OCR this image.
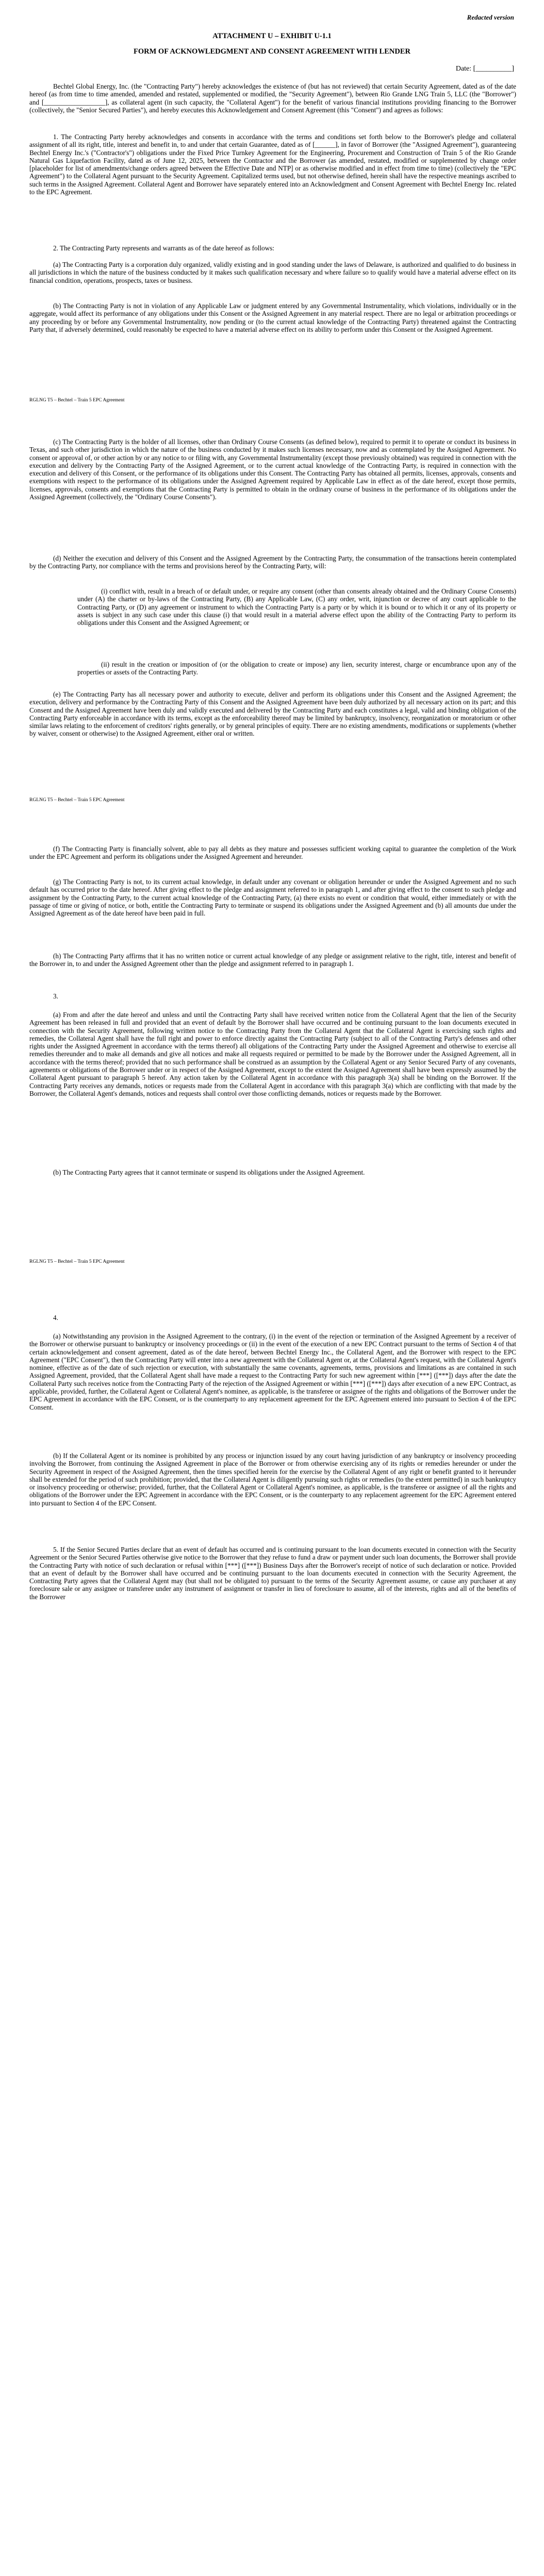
Redacted version
ATTACHMENT U – EXHIBIT U-1.1
FORM OF ACKNOWLEDGMENT AND CONSENT AGREEMENT WITH LENDER
Date: [__________]

Bechtel Global Energy, Inc. (the "Contracting Party") hereby acknowledges the existence of (but has not reviewed) that certain Security Agreement, dated as of the date hereof (as from time to time amended, amended and restated, supplemented or modified, the "Security Agreement"), between Rio Grande LNG Train 5, LLC (the "Borrower") and [__________________], as collateral agent (in such capacity, the "Collateral Agent") for the benefit of various financial institutions providing financing to the Borrower (collectively, the "Senior Secured Parties"), and hereby executes this Acknowledgement and Consent Agreement (this "Consent") and agrees as follows:

1. The Contracting Party hereby acknowledges and consents in accordance with the terms and conditions set forth below to the Borrower's pledge and collateral assignment of all its right, title, interest and benefit in, to and under that certain Guarantee, dated as of [______], in favor of Borrower (the "Assigned Agreement"), guaranteeing Bechtel Energy Inc.'s ("Contractor's") obligations under the Fixed Price Turnkey Agreement for the Engineering, Procurement and Construction of Train 5 of the Rio Grande Natural Gas Liquefaction Facility, dated as of June 12, 2025, between the Contractor and the Borrower (as amended, restated, modified or supplemented by change order [placeholder for list of amendments/change orders agreed between the Effective Date and NTP] or as otherwise modified and in effect from time to time) (collectively the "EPC Agreement") to the Collateral Agent pursuant to the Security Agreement. Capitalized terms used, but not otherwise defined, herein shall have the respective meanings ascribed to such terms in the Assigned Agreement. Collateral Agent and Borrower have separately entered into an Acknowledgment and Consent Agreement with Bechtel Energy Inc. related to the EPC Agreement.

2. The Contracting Party represents and warrants as of the date hereof as follows:

(a) The Contracting Party is a corporation duly organized, validly existing and in good standing under the laws of Delaware, is authorized and qualified to do business in all jurisdictions in which the nature of the business conducted by it makes such qualification necessary and where failure so to qualify would have a material adverse effect on its financial condition, operations, prospects, taxes or business.

(b) The Contracting Party is not in violation of any Applicable Law or judgment entered by any Governmental Instrumentality, which violations, individually or in the aggregate, would affect its performance of any obligations under this Consent or the Assigned Agreement in any material respect. There are no legal or arbitration proceedings or any proceeding by or before any Governmental Instrumentality, now pending or (to the current actual knowledge of the Contracting Party) threatened against the Contracting Party that, if adversely determined, could reasonably be expected to have a material adverse effect on its ability to perform under this Consent or the Assigned Agreement.

RGLNG T5 – Bechtel – Train 5 EPC Agreement

(c) The Contracting Party is the holder of all licenses, other than Ordinary Course Consents (as defined below), required to permit it to operate or conduct its business in Texas, and such other jurisdiction in which the nature of the business conducted by it makes such licenses necessary, now and as contemplated by the Assigned Agreement. No consent or approval of, or other action by or any notice to or filing with, any Governmental Instrumentality (except those previously obtained) was required in connection with the execution and delivery by the Contracting Party of the Assigned Agreement, or to the current actual knowledge of the Contracting Party, is required in connection with the execution and delivery of this Consent, or the performance of its obligations under this Consent. The Contracting Party has obtained all permits, licenses, approvals, consents and exemptions with respect to the performance of its obligations under the Assigned Agreement required by Applicable Law in effect as of the date hereof, except those permits, licenses, approvals, consents and exemptions that the Contracting Party is permitted to obtain in the ordinary course of business in the performance of its obligations under the Assigned Agreement (collectively, the "Ordinary Course Consents").

(d) Neither the execution and delivery of this Consent and the Assigned Agreement by the Contracting Party, the consummation of the transactions herein contemplated by the Contracting Party, nor compliance with the terms and provisions hereof by the Contracting Party, will:

(i) conflict with, result in a breach of or default under, or require any consent (other than consents already obtained and the Ordinary Course Consents) under (A) the charter or by-laws of the Contracting Party, (B) any Applicable Law, (C) any order, writ, injunction or decree of any court applicable to the Contracting Party, or (D) any agreement or instrument to which the Contracting Party is a party or by which it is bound or to which it or any of its property or assets is subject in any such case under this clause (i) that would result in a material adverse effect upon the ability of the Contracting Party to perform its obligations under this Consent and the Assigned Agreement; or

(ii) result in the creation or imposition of (or the obligation to create or impose) any lien, security interest, charge or encumbrance upon any of the properties or assets of the Contracting Party.

(e) The Contracting Party has all necessary power and authority to execute, deliver and perform its obligations under this Consent and the Assigned Agreement; the execution, delivery and performance by the Contracting Party of this Consent and the Assigned Agreement have been duly authorized by all necessary action on its part; and this Consent and the Assigned Agreement have been duly and validly executed and delivered by the Contracting Party and each constitutes a legal, valid and binding obligation of the Contracting Party enforceable in accordance with its terms, except as the enforceability thereof may be limited by bankruptcy, insolvency, reorganization or moratorium or other similar laws relating to the enforcement of creditors' rights generally, or by general principles of equity. There are no existing amendments, modifications or supplements (whether by waiver, consent or otherwise) to the Assigned Agreement, either oral or written.

RGLNG T5 – Bechtel – Train 5 EPC Agreement

(f) The Contracting Party is financially solvent, able to pay all debts as they mature and possesses sufficient working capital to guarantee the completion of the Work under the EPC Agreement and perform its obligations under the Assigned Agreement and hereunder.

(g) The Contracting Party is not, to its current actual knowledge, in default under any covenant or obligation hereunder or under the Assigned Agreement and no such default has occurred prior to the date hereof. After giving effect to the pledge and assignment referred to in paragraph 1, and after giving effect to the consent to such pledge and assignment by the Contracting Party, to the current actual knowledge of the Contracting Party, (a) there exists no event or condition that would, either immediately or with the passage of time or giving of notice, or both, entitle the Contracting Party to terminate or suspend its obligations under the Assigned Agreement and (b) all amounts due under the Assigned Agreement as of the date hereof have been paid in full.

(h) The Contracting Party affirms that it has no written notice or current actual knowledge of any pledge or assignment relative to the right, title, interest and benefit of the Borrower in, to and under the Assigned Agreement other than the pledge and assignment referred to in paragraph 1.

3.

(a) From and after the date hereof and unless and until the Contracting Party shall have received written notice from the Collateral Agent that the lien of the Security Agreement has been released in full and provided that an event of default by the Borrower shall have occurred and be continuing pursuant to the loan documents executed in connection with the Security Agreement, following written notice to the Contracting Party from the Collateral Agent that the Collateral Agent is exercising such rights and remedies, the Collateral Agent shall have the full right and power to enforce directly against the Contracting Party (subject to all of the Contracting Party's defenses and other rights under the Assigned Agreement in accordance with the terms thereof) all obligations of the Contracting Party under the Assigned Agreement and otherwise to exercise all remedies thereunder and to make all demands and give all notices and make all requests required or permitted to be made by the Borrower under the Assigned Agreement, all in accordance with the terms thereof; provided that no such performance shall be construed as an assumption by the Collateral Agent or any Senior Secured Party of any covenants, agreements or obligations of the Borrower under or in respect of the Assigned Agreement, except to the extent the Assigned Agreement shall have been expressly assumed by the Collateral Agent pursuant to paragraph 5 hereof. Any action taken by the Collateral Agent in accordance with this paragraph 3(a) shall be binding on the Borrower. If the Contracting Party receives any demands, notices or requests made from the Collateral Agent in accordance with this paragraph 3(a) which are conflicting with that made by the Borrower, the Collateral Agent's demands, notices and requests shall control over those conflicting demands, notices or requests made by the Borrower.

(b) The Contracting Party agrees that it cannot terminate or suspend its obligations under the Assigned Agreement.

RGLNG T5 – Bechtel – Train 5 EPC Agreement
4.

(a) Notwithstanding any provision in the Assigned Agreement to the contrary, (i) in the event of the rejection or termination of the Assigned Agreement by a receiver of the Borrower or otherwise pursuant to bankruptcy or insolvency proceedings or (ii) in the event of the execution of a new EPC Contract pursuant to the terms of Section 4 of that certain acknowledgement and consent agreement, dated as of the date hereof, between Bechtel Energy Inc., the Collateral Agent, and the Borrower with respect to the EPC Agreement ("EPC Consent"), then the Contracting Party will enter into a new agreement with the Collateral Agent or, at the Collateral Agent's request, with the Collateral Agent's nominee, effective as of the date of such rejection or execution, with substantially the same covenants, agreements, terms, provisions and limitations as are contained in such Assigned Agreement, provided, that the Collateral Agent shall have made a request to the Contracting Party for such new agreement within [***] ([***]) days after the date the Collateral Party such receives notice from the Contracting Party of the rejection of the Assigned Agreement or within [***] ([***]) days after execution of a new EPC Contract, as applicable, provided, further, the Collateral Agent or Collateral Agent's nominee, as applicable, is the transferee or assignee of the rights and obligations of the Borrower under the EPC Agreement in accordance with the EPC Consent, or is the counterparty to any replacement agreement for the EPC Agreement entered into pursuant to Section 4 of the EPC Consent.

(b) If the Collateral Agent or its nominee is prohibited by any process or injunction issued by any court having jurisdiction of any bankruptcy or insolvency proceeding involving the Borrower, from continuing the Assigned Agreement in place of the Borrower or from otherwise exercising any of its rights or remedies hereunder or under the Security Agreement in respect of the Assigned Agreement, then the times specified herein for the exercise by the Collateral Agent of any right or benefit granted to it hereunder shall be extended for the period of such prohibition; provided, that the Collateral Agent is diligently pursuing such rights or remedies (to the extent permitted) in such bankruptcy or insolvency proceeding or otherwise; provided, further, that the Collateral Agent or Collateral Agent's nominee, as applicable, is the transferee or assignee of all the rights and obligations of the Borrower under the EPC Agreement in accordance with the EPC Consent, or is the counterparty to any replacement agreement for the EPC Agreement entered into pursuant to Section 4 of the EPC Consent.

5. If the Senior Secured Parties declare that an event of default has occurred and is continuing pursuant to the loan documents executed in connection with the Security Agreement or the Senior Secured Parties otherwise give notice to the Borrower that they refuse to fund a draw or payment under such loan documents, the Borrower shall provide the Contracting Party with notice of such declaration or refusal within [***] ([***]) Business Days after the Borrower's receipt of notice of such declaration or notice. Provided that an event of default by the Borrower shall have occurred and be continuing pursuant to the loan documents executed in connection with the Security Agreement, the Contracting Party agrees that the Collateral Agent may (but shall not be obligated to) pursuant to the terms of the Security Agreement assume, or cause any purchaser at any foreclosure sale or any assignee or transferee under any instrument of assignment or transfer in lieu of foreclosure to assume, all of the interests, rights and all of the benefits of the Borrower
